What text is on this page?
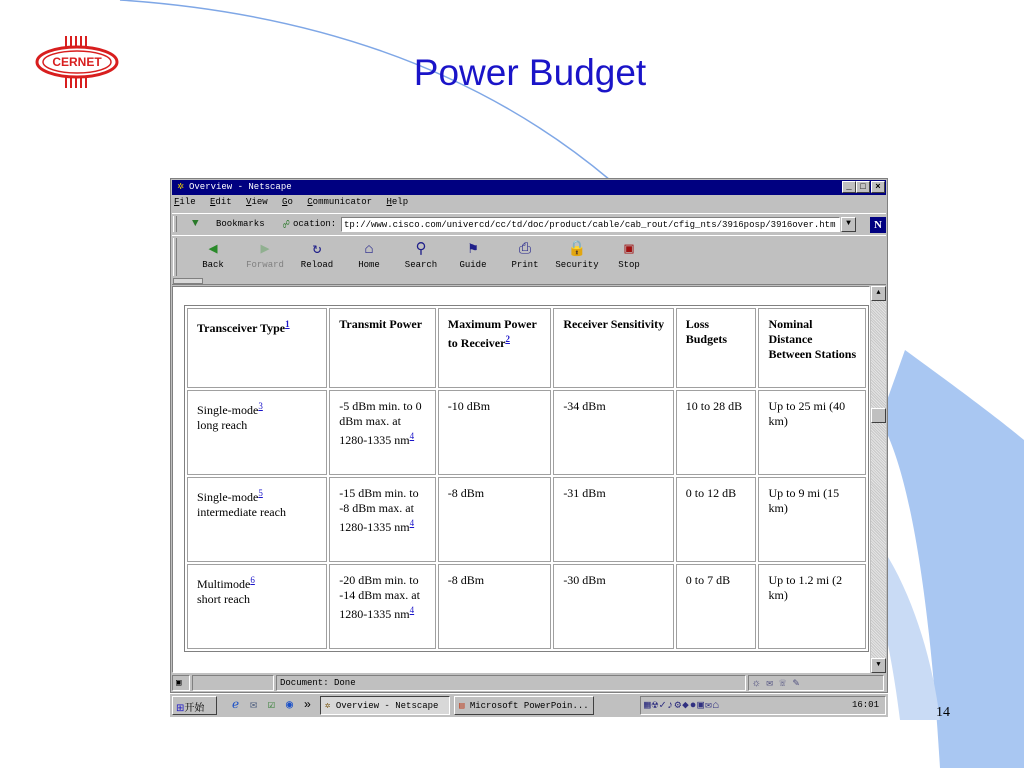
CERNET	Power Budget
✲ Overview - Netscape	_ □	×
File Edit View Go Communicator Help
▼ Bookmarks ☍ ocation: tp://www.cisco.com/univercd/cc/td/doc/product/cable/cab_rout/cfig_nts/3916posp/3916over.htm	▼	N
◀
Back
▶
Forward
↻
Reload
⌂
Home
⚲
Search
⚑
Guide
⎙
Print
🔒
Security
▣
Stop
Transceiver Type$^1$	Transmit Power	Maximum Power to Receiver$^2$	Receiver Sensitivity	Loss Budgets	Nominal Distance Between Stations
Single-mode$^3$
long reach	-5 dBm min. to 0 dBm max. at 1280-1335 $nm^4$	-10 dBm	-34 dBm	10 to 28 dB	Up to 25 mi (40 km)
Single-mode$^5$
intermediate reach	-15 dBm min. to -8 dBm max. at 1280-1335 $nm^4$	-8 dBm	-31 dBm	0 to 12 dB	Up to 9 mi (15 km)
Multimode$^6$
short reach	-20 dBm min. to -14 dBm max. at 1280-1335 $nm^4$	-8 dBm	-30 dBm	0 to 7 dB	Up to 1.2 mi (2 km)
▲
▼
▣	Document: Done	☼ ✉ ☏ ✎
⊞开始	ℯ ✉ ☑ ◉ »	✲ Overview - Netscape	▤ Microsoft PowerPoin...	▦☢✓♪⚙◆●▣✉⌂	16:01	14
